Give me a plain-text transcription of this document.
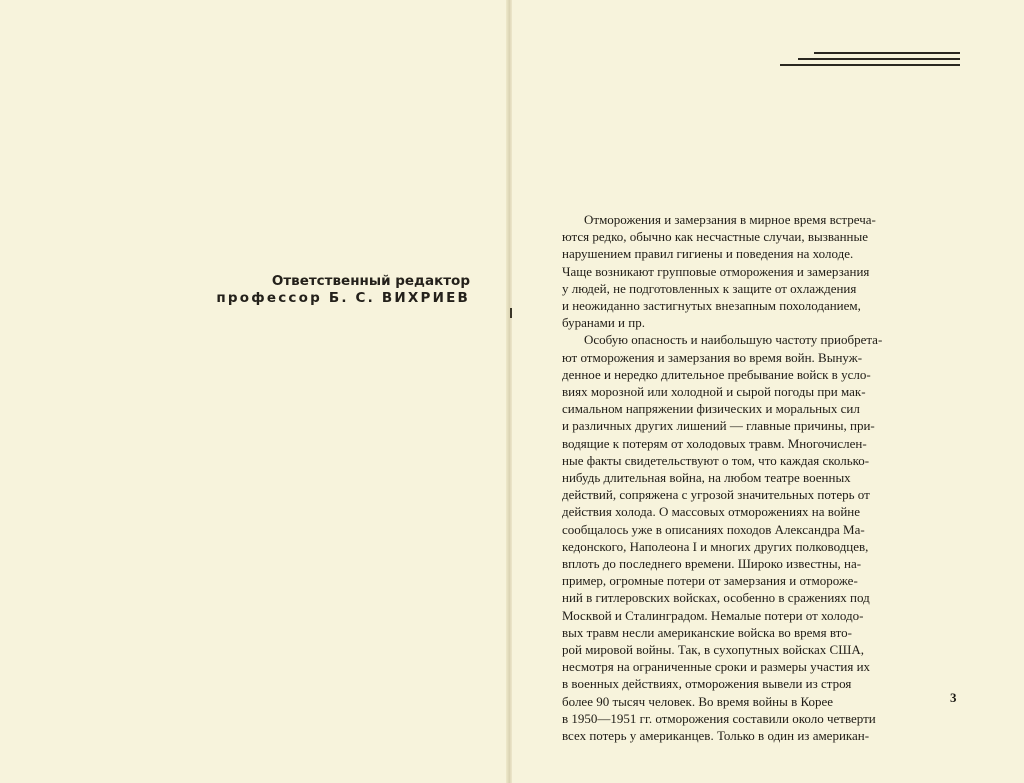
Ответственный редактор
профессор Б. С. ВИХРИЕВ
Отморожения и замерзания в мирное время встреча-
ются редко, обычно как несчастные случаи, вызванные
нарушением правил гигиены и поведения на холоде.
Чаще возникают групповые отморожения и замерзания
у людей, не подготовленных к защите от охлаждения
и неожиданно застигнутых внезапным похолоданием,
буранами и пр.
Особую опасность и наибольшую частоту приобрета-
ют отморожения и замерзания во время войн. Вынуж-
денное и нередко длительное пребывание войск в усло-
виях морозной или холодной и сырой погоды при мак-
симальном напряжении физических и моральных сил
и различных других лишений — главные причины, при-
водящие к потерям от холодовых травм. Многочислен-
ные факты свидетельствуют о том, что каждая сколько-
нибудь длительная война, на любом театре военных
действий, сопряжена с угрозой значительных потерь от
действия холода. О массовых отморожениях на войне
сообщалось уже в описаниях походов Александра Ма-
кедонского, Наполеона I и многих других полководцев,
вплоть до последнего времени. Широко известны, на-
пример, огромные потери от замерзания и отмороже-
ний в гитлеровских войсках, особенно в сражениях под
Москвой и Сталинградом. Немалые потери от холодо-
вых травм несли американские войска во время вто-
рой мировой войны. Так, в сухопутных войсках США,
несмотря на ограниченные сроки и размеры участия их
в военных действиях, отморожения вывели из строя
более 90 тысяч человек. Во время войны в Корее
в 1950—1951 гг. отморожения составили около четверти
всех потерь у американцев. Только в один из американ-
3
